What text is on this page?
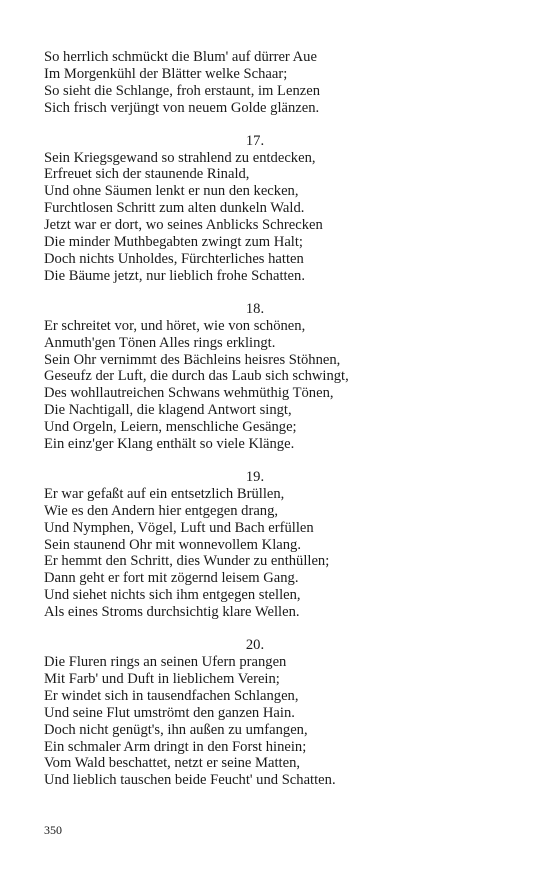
So herrlich schmückt die Blum' auf dürrer Aue
Im Morgenkühl der Blätter welke Schaar;
So sieht die Schlange, froh erstaunt, im Lenzen
Sich frisch verjüngt von neuem Golde glänzen.
17.
Sein Kriegsgewand so strahlend zu entdecken,
Erfreuet sich der staunende Rinald,
Und ohne Säumen lenkt er nun den kecken,
Furchtlosen Schritt zum alten dunkeln Wald.
Jetzt war er dort, wo seines Anblicks Schrecken
Die minder Muthbegabten zwingt zum Halt;
Doch nichts Unholdes, Fürchterliches hatten
Die Bäume jetzt, nur lieblich frohe Schatten.
18.
Er schreitet vor, und höret, wie von schönen,
Anmuth'gen Tönen Alles rings erklingt.
Sein Ohr vernimmt des Bächleins heisres Stöhnen,
Geseufz der Luft, die durch das Laub sich schwingt,
Des wohllautreichen Schwans wehmüthig Tönen,
Die Nachtigall, die klagend Antwort singt,
Und Orgeln, Leiern, menschliche Gesänge;
Ein einz'ger Klang enthält so viele Klänge.
19.
Er war gefaßt auf ein entsetzlich Brüllen,
Wie es den Andern hier entgegen drang,
Und Nymphen, Vögel, Luft und Bach erfüllen
Sein staunend Ohr mit wonnevollem Klang.
Er hemmt den Schritt, dies Wunder zu enthüllen;
Dann geht er fort mit zögernd leisem Gang.
Und siehet nichts sich ihm entgegen stellen,
Als eines Stroms durchsichtig klare Wellen.
20.
Die Fluren rings an seinen Ufern prangen
Mit Farb' und Duft in lieblichem Verein;
Er windet sich in tausendfachen Schlangen,
Und seine Flut umströmt den ganzen Hain.
Doch nicht genügt's, ihn außen zu umfangen,
Ein schmaler Arm dringt in den Forst hinein;
Vom Wald beschattet, netzt er seine Matten,
Und lieblich tauschen beide Feucht' und Schatten.
350
